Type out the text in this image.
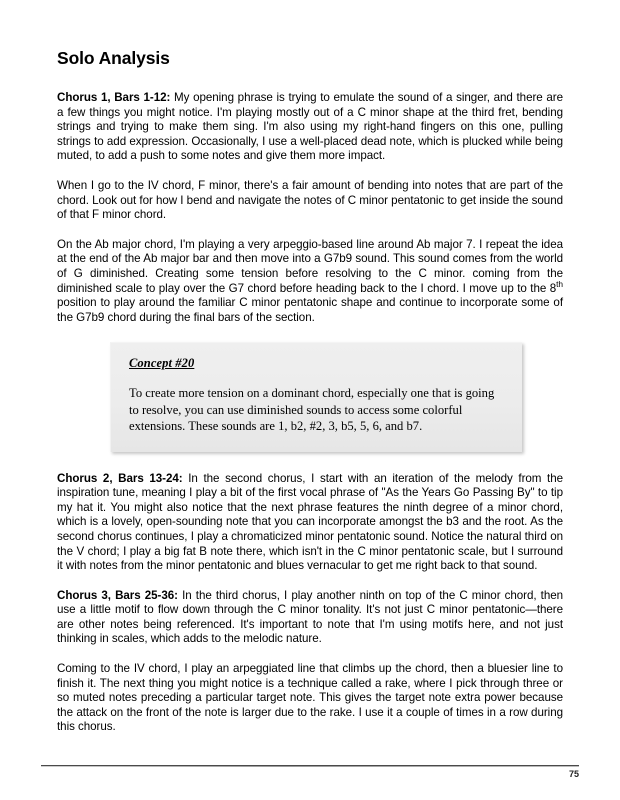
Solo Analysis

Chorus 1, Bars 1-12: My opening phrase is trying to emulate the sound of a singer, and there are a few things you might notice. I'm playing mostly out of a C minor shape at the third fret, bending strings and trying to make them sing. I'm also using my right-hand fingers on this one, pulling strings to add expression. Occasionally, I use a well-placed dead note, which is plucked while being muted, to add a push to some notes and give them more impact.

When I go to the IV chord, F minor, there's a fair amount of bending into notes that are part of the chord. Look out for how I bend and navigate the notes of C minor pentatonic to get inside the sound of that F minor chord.

On the Ab major chord, I'm playing a very arpeggio-based line around Ab major 7. I repeat the idea at the end of the Ab major bar and then move into a G7b9 sound. This sound comes from the world of G diminished. Creating some tension before resolving to the C minor. coming from the diminished scale to play over the G7 chord before heading back to the I chord. I move up to the 8th position to play around the familiar C minor pentatonic shape and continue to incorporate some of the G7b9 chord during the final bars of the section.

Concept #20

To create more tension on a dominant chord, especially one that is going to resolve, you can use diminished sounds to access some colorful extensions. These sounds are 1, b2, #2, 3, b5, 5, 6, and b7.

Chorus 2, Bars 13-24: In the second chorus, I start with an iteration of the melody from the inspiration tune, meaning I play a bit of the first vocal phrase of "As the Years Go Passing By" to tip my hat it. You might also notice that the next phrase features the ninth degree of a minor chord, which is a lovely, open-sounding note that you can incorporate amongst the b3 and the root. As the second chorus continues, I play a chromaticized minor pentatonic sound. Notice the natural third on the V chord; I play a big fat B note there, which isn't in the C minor pentatonic scale, but I surround it with notes from the minor pentatonic and blues vernacular to get me right back to that sound.

Chorus 3, Bars 25-36: In the third chorus, I play another ninth on top of the C minor chord, then use a little motif to flow down through the C minor tonality. It's not just C minor pentatonic—there are other notes being referenced. It's important to note that I'm using motifs here, and not just thinking in scales, which adds to the melodic nature.

Coming to the IV chord, I play an arpeggiated line that climbs up the chord, then a bluesier line to finish it. The next thing you might notice is a technique called a rake, where I pick through three or so muted notes preceding a particular target note. This gives the target note extra power because the attack on the front of the note is larger due to the rake. I use it a couple of times in a row during this chorus.

75
